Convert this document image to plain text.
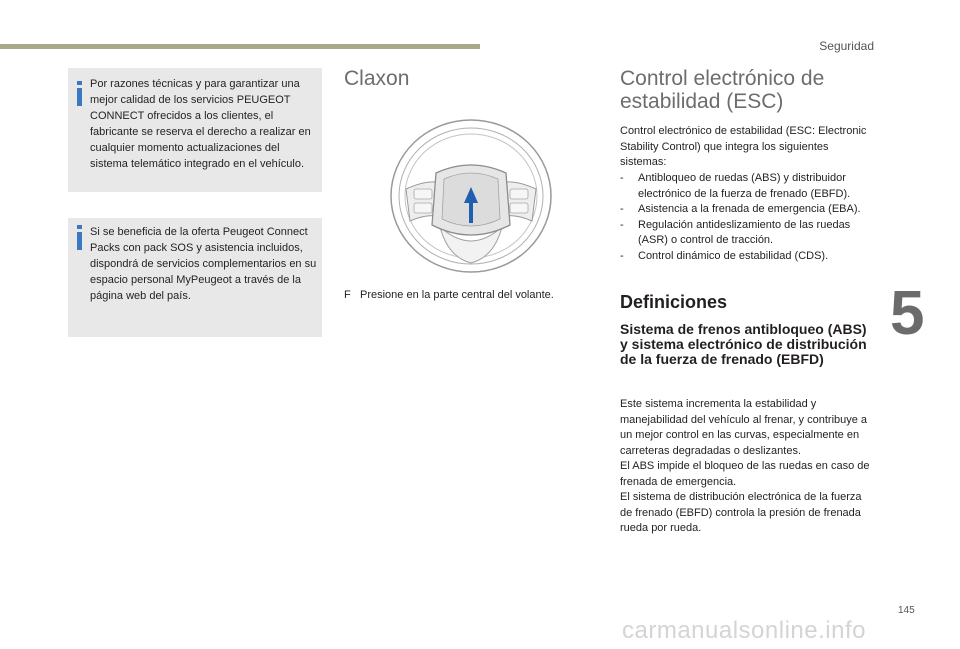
Seguridad

Por razones técnicas y para garantizar una mejor calidad de los servicios PEUGEOT CONNECT ofrecidos a los clientes, el fabricante se reserva el derecho a realizar en cualquier momento actualizaciones del sistema telemático integrado en el vehículo.

Si se beneficia de la oferta Peugeot Connect Packs con pack SOS y asistencia incluidos, dispondrá de servicios complementarios en su espacio personal MyPeugeot a través de la página web del país.

Claxon
F Presione en la parte central del volante.
Control electrónico de estabilidad (ESC)

Control electrónico de estabilidad (ESC: Electronic Stability Control) que integra los siguientes sistemas:

- Antibloqueo de ruedas (ABS) y distribuidor electrónico de la fuerza de frenado (EBFD).
- Asistencia a la frenada de emergencia (EBA).
- Regulación antideslizamiento de las ruedas (ASR) o control de tracción.
- Control dinámico de estabilidad (CDS).
Definiciones
Sistema de frenos antibloqueo (ABS) y sistema electrónico de distribución de la fuerza de frenado (EBFD)
Este sistema incrementa la estabilidad y manejabilidad del vehículo al frenar, y contribuye a un mejor control en las curvas, especialmente en carreteras degradadas o deslizantes.
El ABS impide el bloqueo de las ruedas en caso de frenada de emergencia.
El sistema de distribución electrónica de la fuerza de frenado (EBFD) controla la presión de frenada rueda por rueda.
5
145
carmanualsonline.info
